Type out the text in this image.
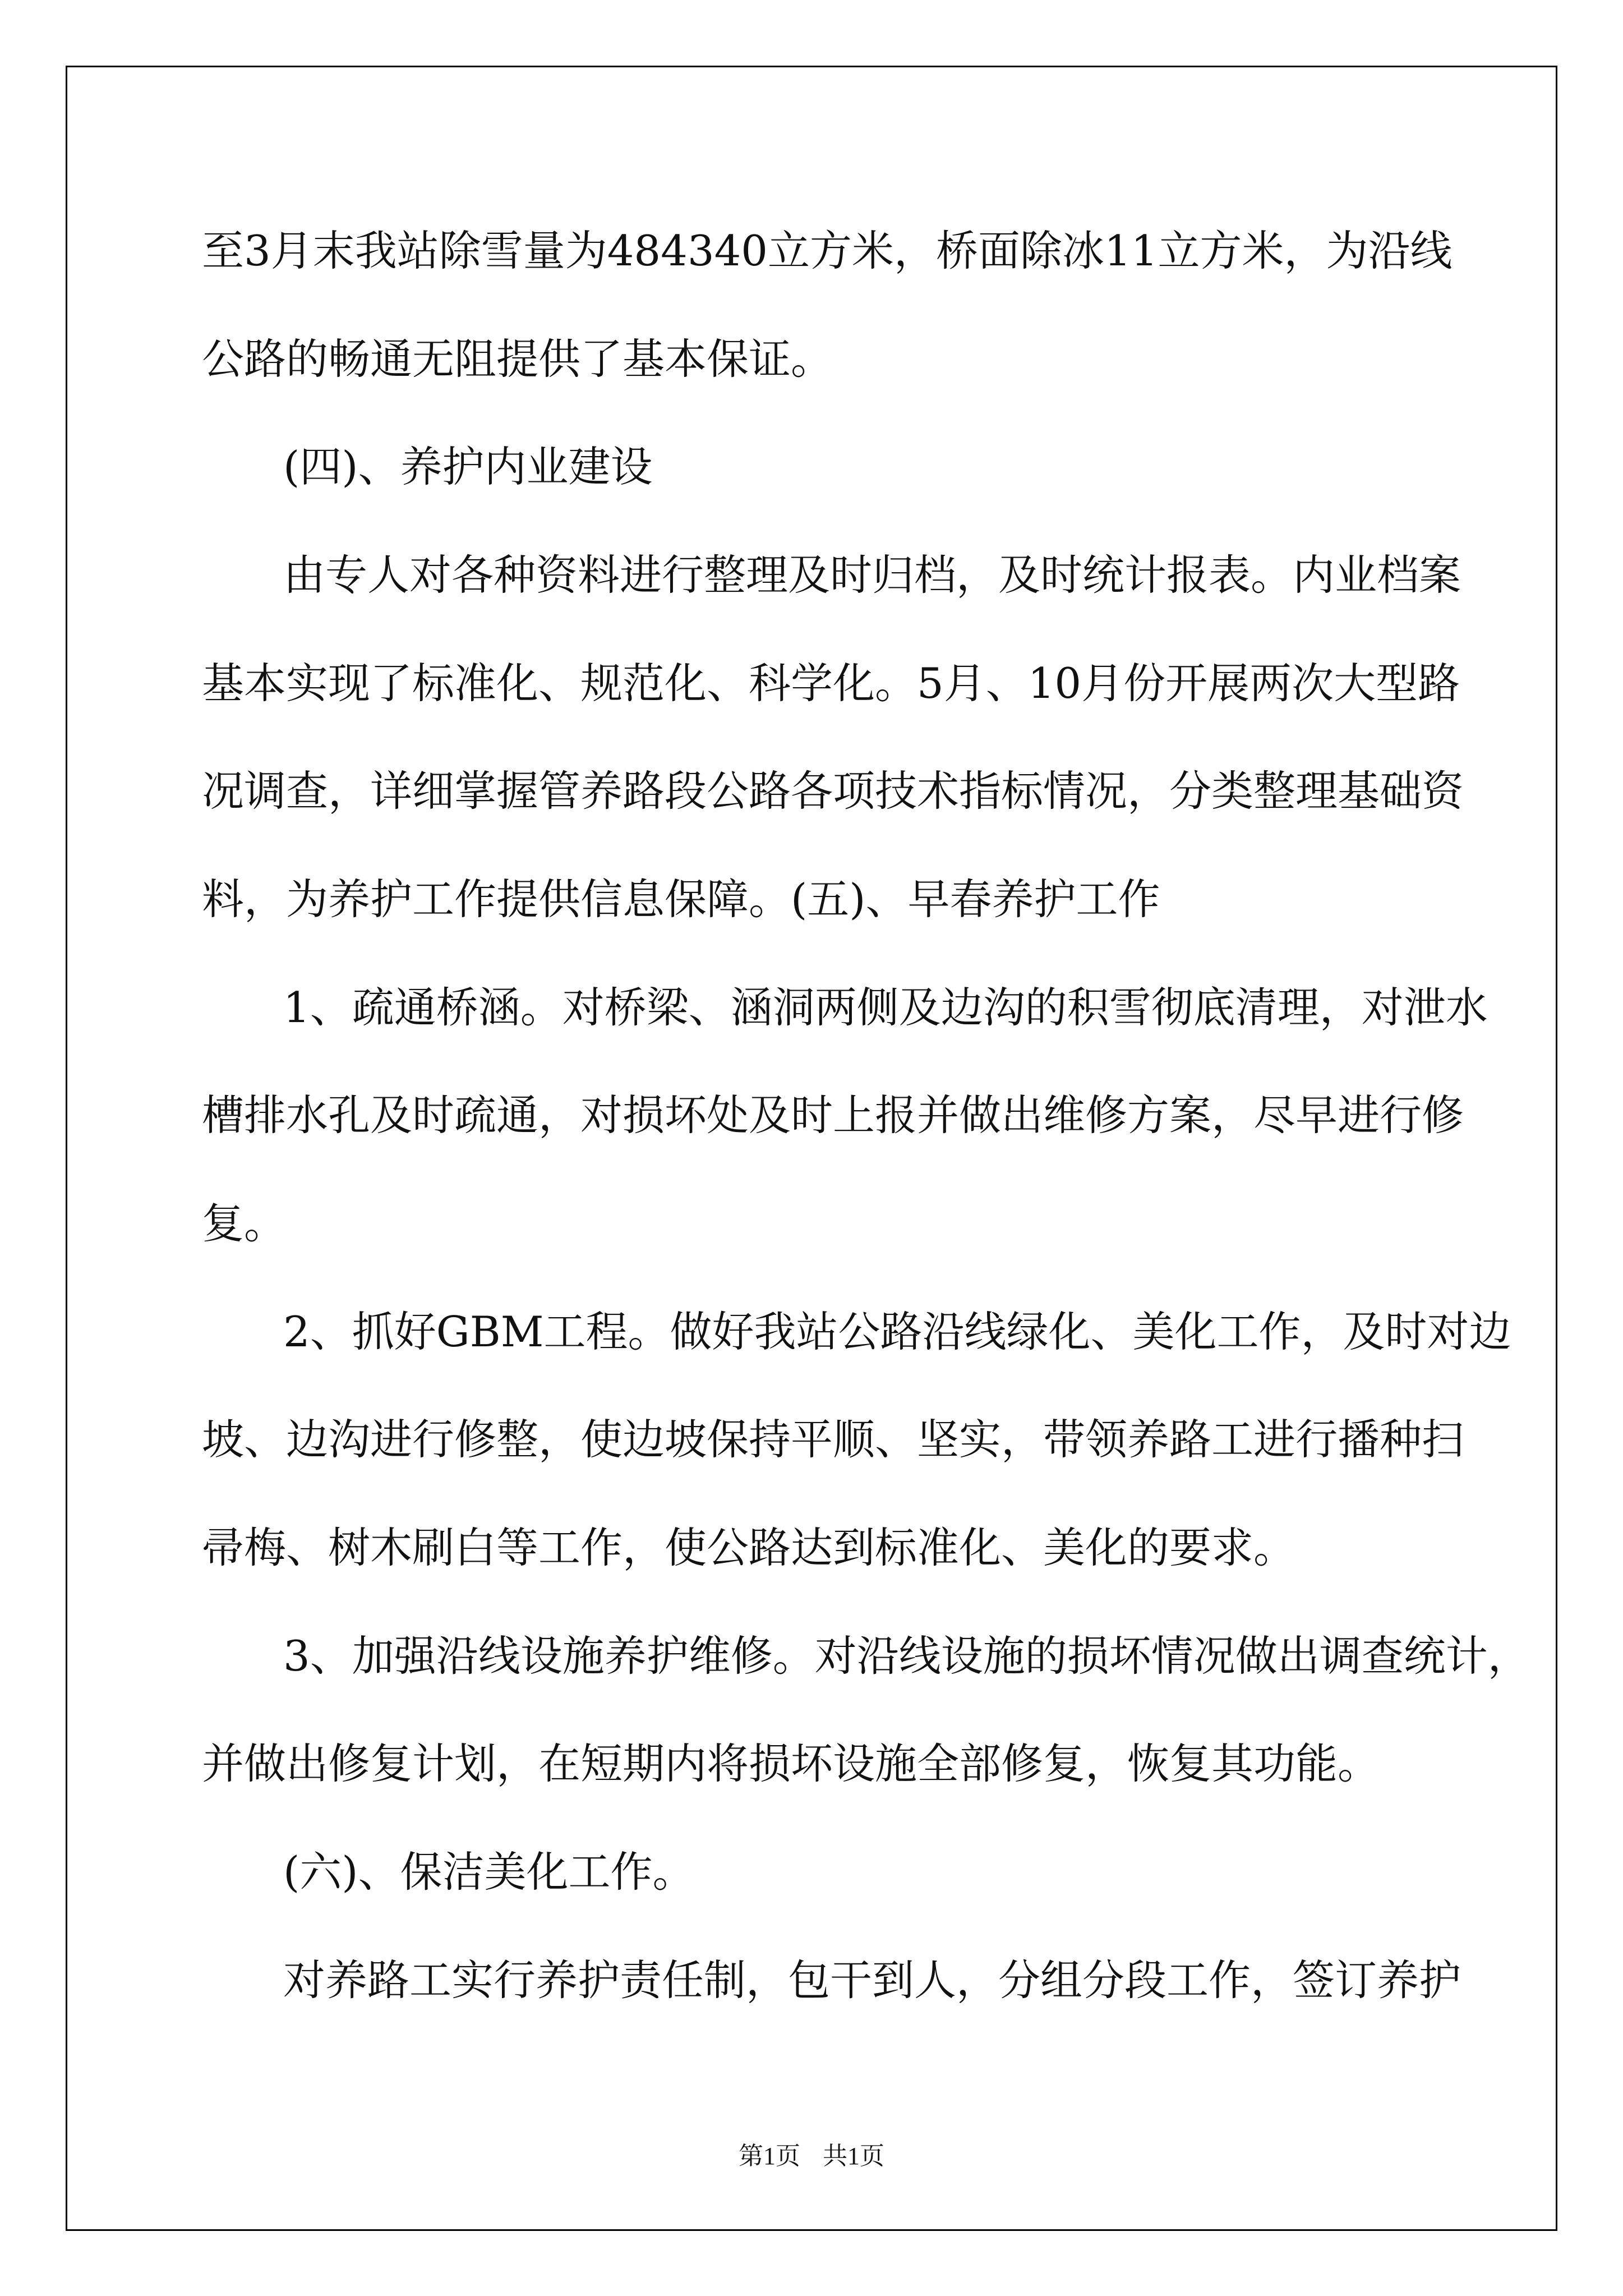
至3月末我站除雪量为484340立方米，桥面除冰11立方米，为沿线
公路的畅通无阻提供了基本保证。
(四)、养护内业建设
由专人对各种资料进行整理及时归档，及时统计报表。内业档案
基本实现了标准化、规范化、科学化。5月、10月份开展两次大型路
况调查，详细掌握管养路段公路各项技术指标情况，分类整理基础资
料，为养护工作提供信息保障。(五)、早春养护工作
1、疏通桥涵。对桥梁、涵洞两侧及边沟的积雪彻底清理，对泄水
槽排水孔及时疏通，对损坏处及时上报并做出维修方案，尽早进行修
复。
2、抓好GBM工程。做好我站公路沿线绿化、美化工作，及时对边
坡、边沟进行修整，使边坡保持平顺、坚实，带领养路工进行播种扫
帚梅、树木刷白等工作，使公路达到标准化、美化的要求。
3、加强沿线设施养护维修。对沿线设施的损坏情况做出调查统计，
并做出修复计划，在短期内将损坏设施全部修复，恢复其功能。
(六)、保洁美化工作。
对养路工实行养护责任制，包干到人，分组分段工作，签订养护
第1页 共1页
